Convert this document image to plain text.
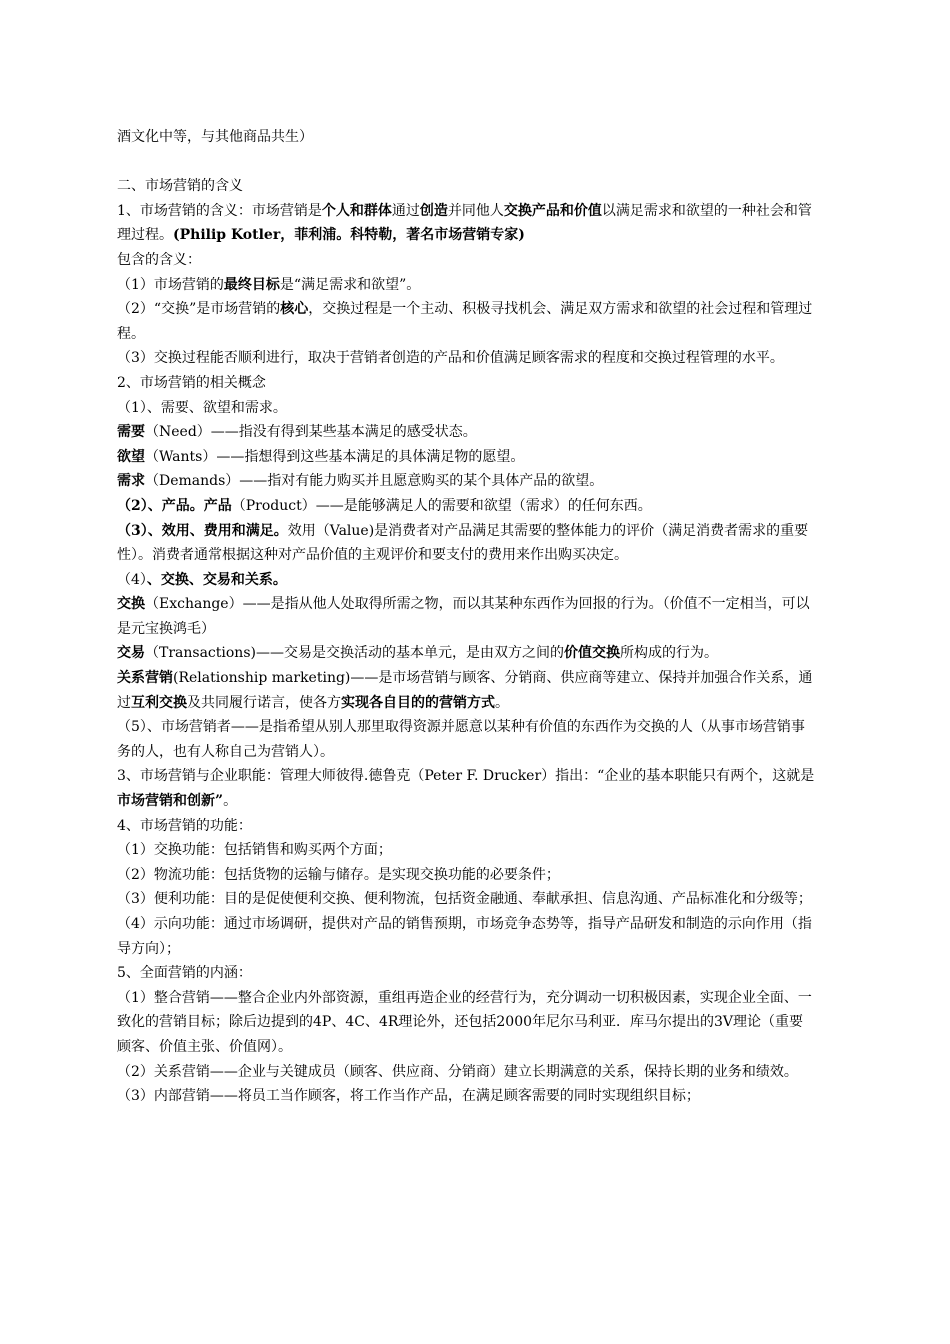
酒文化中等，与其他商品共生）

二、市场营销的含义

1、市场营销的含义：市场营销是个人和群体通过创造并同他人交换产品和价值以满足需求和欲望的一种社会和管理过程。(Philip Kotler，菲利浦。科特勒，著名市场营销专家)

包含的含义：

（1）市场营销的最终目标是“满足需求和欲望”。

（2）“交换”是市场营销的核心，交换过程是一个主动、积极寻找机会、满足双方需求和欲望的社会过程和管理过程。

（3）交换过程能否顺利进行，取决于营销者创造的产品和价值满足顾客需求的程度和交换过程管理的水平。

2、市场营销的相关概念

（1）、需要、欲望和需求。

需要（Need）——指没有得到某些基本满足的感受状态。

欲望（Wants）——指想得到这些基本满足的具体满足物的愿望。

需求（Demands）——指对有能力购买并且愿意购买的某个具体产品的欲望。

（2）、产品。产品（Product）——是能够满足人的需要和欲望（需求）的任何东西。

（3）、效用、费用和满足。效用（Value)是消费者对产品满足其需要的整体能力的评价（满足消费者需求的重要性）。消费者通常根据这种对产品价值的主观评价和要支付的费用来作出购买决定。

（4）、交换、交易和关系。

交换（Exchange）——是指从他人处取得所需之物，而以其某种东西作为回报的行为。（价值不一定相当，可以是元宝换鸿毛）

交易（Transactions)——交易是交换活动的基本单元，是由双方之间的价值交换所构成的行为。

关系营销(Relationship marketing)——是市场营销与顾客、分销商、供应商等建立、保持并加强合作关系，通过互利交换及共同履行诺言，使各方实现各自目的的营销方式。

（5）、市场营销者——是指希望从别人那里取得资源并愿意以某种有价值的东西作为交换的人（从事市场营销事务的人，也有人称自己为营销人）。

3、市场营销与企业职能：管理大师彼得.德鲁克（Peter F. Drucker）指出：“企业的基本职能只有两个，这就是市场营销和创新”。

4、市场营销的功能：

（1）交换功能：包括销售和购买两个方面；

（2）物流功能：包括货物的运输与储存。是实现交换功能的必要条件；

（3）便利功能：目的是促使便利交换、便利物流，包括资金融通、奉献承担、信息沟通、产品标准化和分级等；

（4）示向功能：通过市场调研，提供对产品的销售预期，市场竞争态势等，指导产品研发和制造的示向作用（指导方向）；

5、全面营销的内涵：

（1）整合营销——整合企业内外部资源，重组再造企业的经营行为，充分调动一切积极因素，实现企业全面、一致化的营销目标；除后边提到的4P、4C、4R理论外，还包括2000年尼尔马利亚．库马尔提出的3V理论（重要顾客、价值主张、价值网）。

（2）关系营销——企业与关键成员（顾客、供应商、分销商）建立长期满意的关系，保持长期的业务和绩效。

（3）内部营销——将员工当作顾客，将工作当作产品，在满足顾客需要的同时实现组织目标；
